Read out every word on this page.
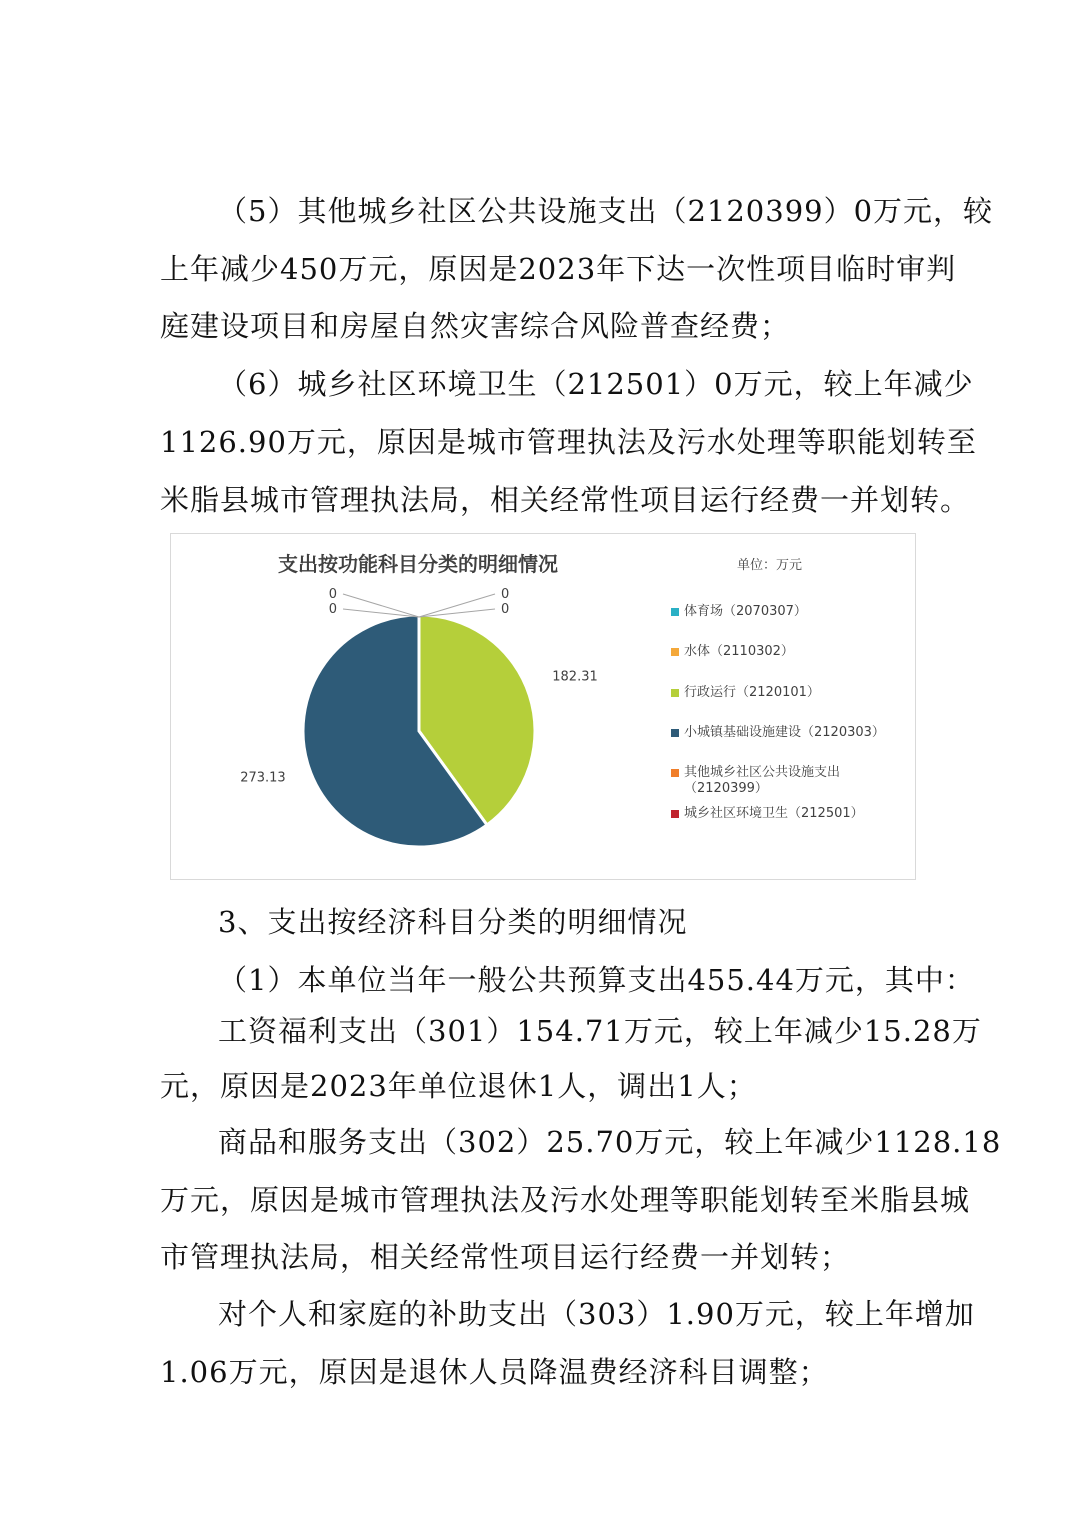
（5）其他城乡社区公共设施支出（2120399）0万元，较
上年减少450万元，原因是2023年下达一次性项目临时审判
庭建设项目和房屋自然灾害综合风险普查经费；
（6）城乡社区环境卫生（212501）0万元，较上年减少
1126.90万元，原因是城市管理执法及污水处理等职能划转至
米脂县城市管理执法局，相关经常性项目运行经费一并划转。
支出按功能科目分类的明细情况	单位：万元
0
0
0
0
182.31
273.13
体育场（2070307）
水体（2110302）
行政运行（2120101）
小城镇基础设施建设（2120303）
其他城乡社区公共设施支出（2120399）
城乡社区环境卫生（212501）
3、支出按经济科目分类的明细情况
（1）本单位当年一般公共预算支出455.44万元，其中：
工资福利支出（301）154.71万元，较上年减少15.28万
元，原因是2023年单位退休1人，调出1人；
商品和服务支出（302）25.70万元，较上年减少1128.18
万元，原因是城市管理执法及污水处理等职能划转至米脂县城
市管理执法局，相关经常性项目运行经费一并划转；
对个人和家庭的补助支出（303）1.90万元，较上年增加
1.06万元，原因是退休人员降温费经济科目调整；
